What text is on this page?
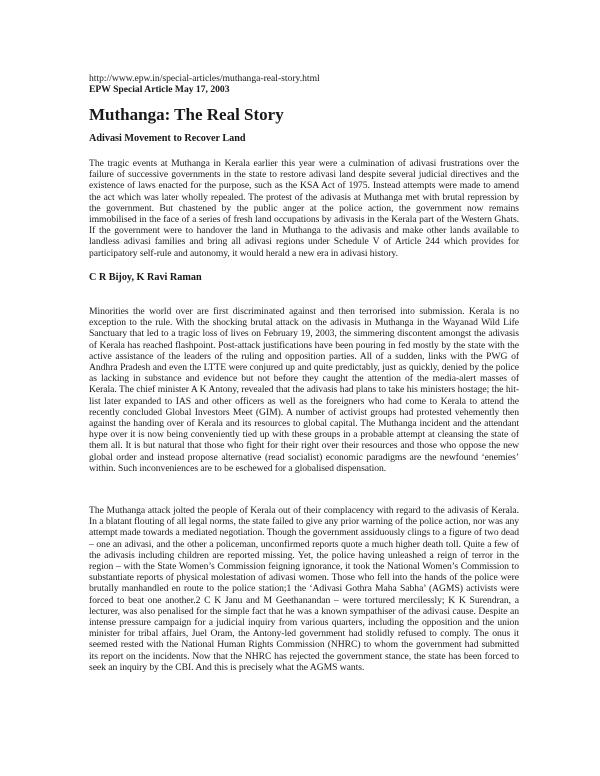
http://www.epw.in/special-articles/muthanga-real-story.html
EPW Special Article May 17, 2003
Muthanga: The Real Story
Adivasi Movement to Recover Land

The tragic events at Muthanga in Kerala earlier this year were a culmination of adivasi frustrations over the failure of successive governments in the state to restore adivasi land despite several judicial directives and the existence of laws enacted for the purpose, such as the KSA Act of 1975. Instead attempts were made to amend the act which was later wholly repealed. The protest of the adivasis at Muthanga met with brutal repression by the government. But chastened by the public anger at the police action, the government now remains immobilised in the face of a series of fresh land occupations by adivasis in the Kerala part of the Western Ghats. If the government were to handover the land in Muthanga to the adivasis and make other lands available to landless adivasi families and bring all adivasi regions under Schedule V of Article 244 which provides for participatory self-rule and autonomy, it would herald a new era in adivasi history.

C R Bijoy, K Ravi Raman

Minorities the world over are first discriminated against and then terrorised into submission. Kerala is no exception to the rule. With the shocking brutal attack on the adivasis in Muthanga in the Wayanad Wild Life Sanctuary that led to a tragic loss of lives on February 19, 2003, the simmering discontent amongst the adivasis of Kerala has reached flashpoint. Post-attack justifications have been pouring in fed mostly by the state with the active assistance of the leaders of the ruling and opposition parties. All of a sudden, links with the PWG of Andhra Pradesh and even the LTTE were conjured up and quite predictably, just as quickly, denied by the police as lacking in substance and evidence but not before they caught the attention of the media-alert masses of Kerala. The chief minister A K Antony, revealed that the adivasis had plans to take his ministers hostage; the hit-list later expanded to IAS and other officers as well as the foreigners who had come to Kerala to attend the recently concluded Global Investors Meet (GIM). A number of activist groups had protested vehemently then against the handing over of Kerala and its resources to global capital. The Muthanga incident and the attendant hype over it is now being conveniently tied up with these groups in a probable attempt at cleansing the state of them all. It is but natural that those who fight for their right over their resources and those who oppose the new global order and instead propose alternative (read socialist) economic paradigms are the newfound ‘enemies’ within. Such inconveniences are to be eschewed for a globalised dispensation.

The Muthanga attack jolted the people of Kerala out of their complacency with regard to the adivasis of Kerala. In a blatant flouting of all legal norms, the state failed to give any prior warning of the police action, nor was any attempt made towards a mediated negotiation. Though the government assiduously clings to a figure of two dead – one an adivasi, and the other a policeman, unconfirmed reports quote a much higher death toll. Quite a few of the adivasis including children are reported missing. Yet, the police having unleashed a reign of terror in the region – with the State Women’s Commission feigning ignorance, it took the National Women’s Commission to substantiate reports of physical molestation of adivasi women. Those who fell into the hands of the police were brutally manhandled en route to the police station;1 the ‘Adivasi Gothra Maha Sabha’ (AGMS) activists were forced to beat one another.2 C K Janu and M Geethanandan – were tortured mercilessly; K K Surendran, a lecturer, was also penalised for the simple fact that he was a known sympathiser of the adivasi cause. Despite an intense pressure campaign for a judicial inquiry from various quarters, including the opposition and the union minister for tribal affairs, Juel Oram, the Antony-led government had stolidly refused to comply. The onus it seemed rested with the National Human Rights Commission (NHRC) to whom the government had submitted its report on the incidents. Now that the NHRC has rejected the government stance, the state has been forced to seek an inquiry by the CBI. And this is precisely what the AGMS wants.
